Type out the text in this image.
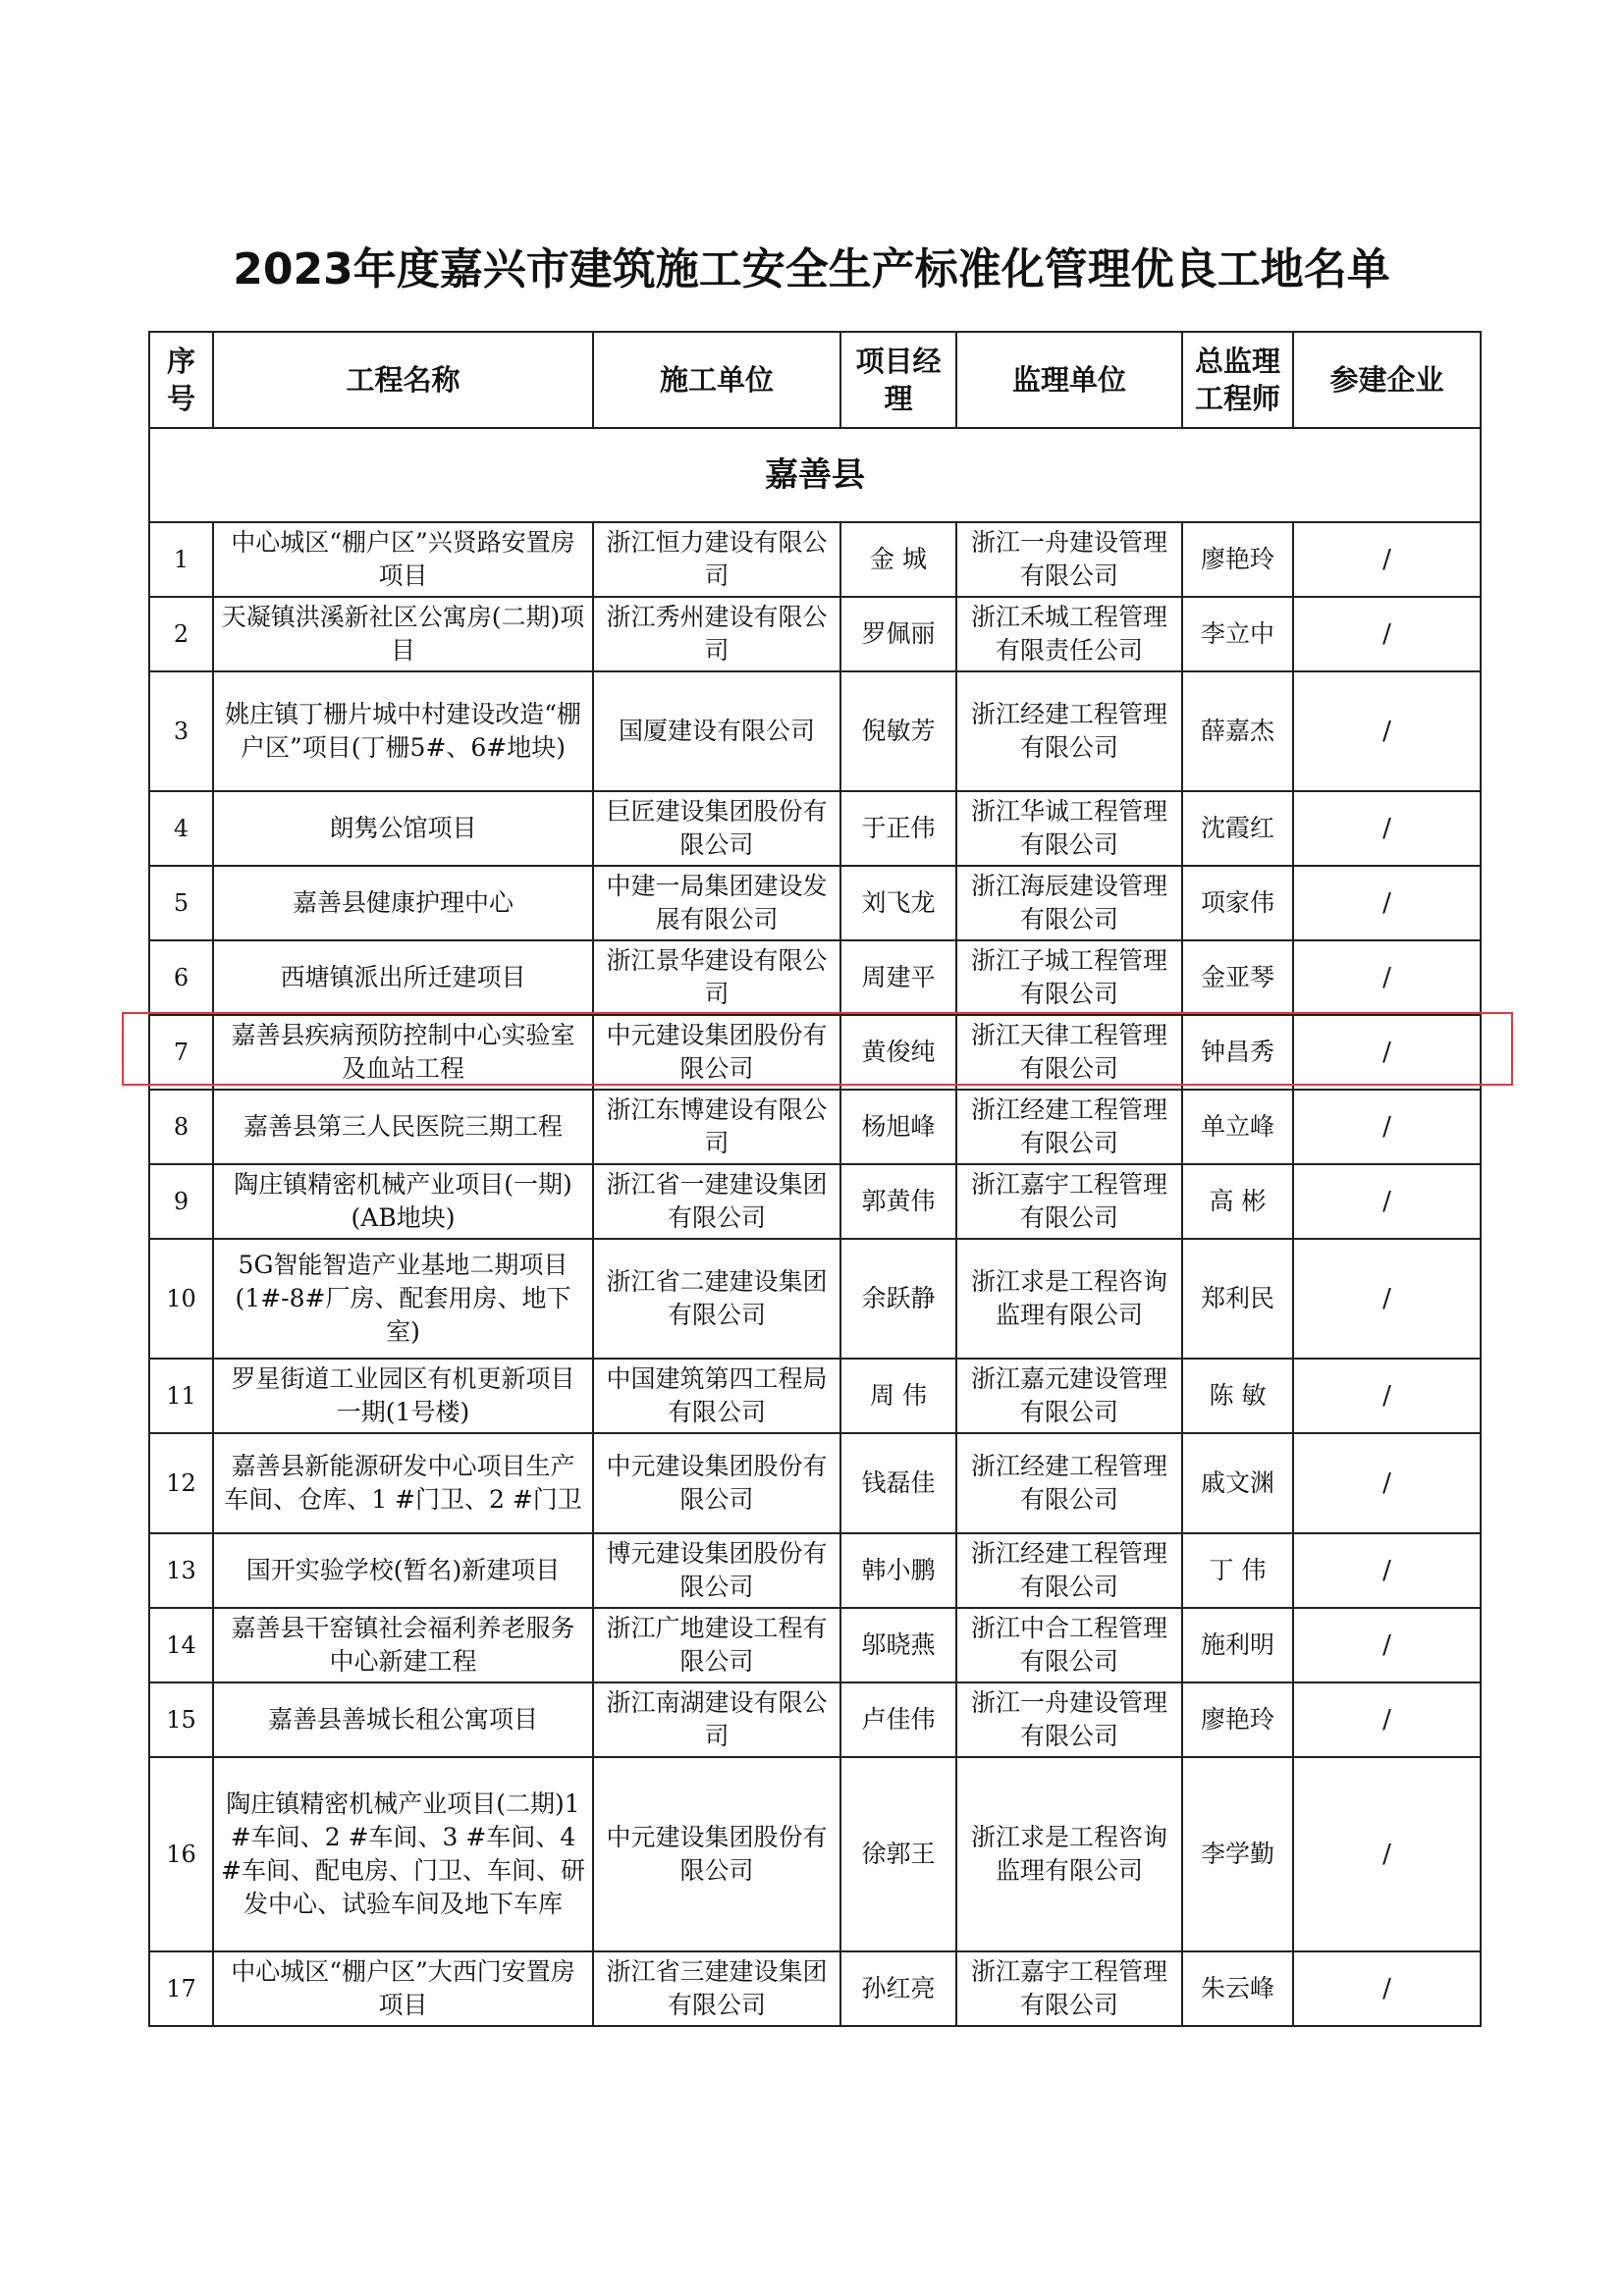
2023年度嘉兴市建筑施工安全生产标准化管理优良工地名单
序号	工程名称	施工单位	项目经理	监理单位	总监理工程师	参建企业
嘉善县						
1	中心城区“棚户区”兴贤路安置房项目	浙江恒力建设有限公司	金 城	浙江一舟建设管理有限公司	廖艳玲	/
2	天凝镇洪溪新社区公寓房(二期)项目	浙江秀州建设有限公司	罗佩丽	浙江禾城工程管理有限责任公司	李立中	/
3	姚庄镇丁栅片城中村建设改造“棚户区”项目(丁栅5#、6#地块)	国厦建设有限公司	倪敏芳	浙江经建工程管理有限公司	薛嘉杰	/
4	朗隽公馆项目	巨匠建设集团股份有限公司	于正伟	浙江华诚工程管理有限公司	沈霞红	/
5	嘉善县健康护理中心	中建一局集团建设发展有限公司	刘飞龙	浙江海辰建设管理有限公司	项家伟	/
6	西塘镇派出所迁建项目	浙江景华建设有限公司	周建平	浙江子城工程管理有限公司	金亚琴	/
7	嘉善县疾病预防控制中心实验室及血站工程	中元建设集团股份有限公司	黄俊纯	浙江天律工程管理有限公司	钟昌秀	/
8	嘉善县第三人民医院三期工程	浙江东博建设有限公司	杨旭峰	浙江经建工程管理有限公司	单立峰	/
9	陶庄镇精密机械产业项目(一期)(AB地块)	浙江省一建建设集团有限公司	郭黄伟	浙江嘉宇工程管理有限公司	高 彬	/
10	5G智能智造产业基地二期项目(1#-8#厂房、配套用房、地下室)	浙江省二建建设集团有限公司	余跃静	浙江求是工程咨询监理有限公司	郑利民	/
11	罗星街道工业园区有机更新项目一期(1号楼)	中国建筑第四工程局有限公司	周 伟	浙江嘉元建设管理有限公司	陈 敏	/
12	嘉善县新能源研发中心项目生产车间、仓库、1 #门卫、2 #门卫	中元建设集团股份有限公司	钱磊佳	浙江经建工程管理有限公司	戚文渊	/
13	国开实验学校(暂名)新建项目	博元建设集团股份有限公司	韩小鹏	浙江经建工程管理有限公司	丁 伟	/
14	嘉善县干窑镇社会福利养老服务中心新建工程	浙江广地建设工程有限公司	邬晓燕	浙江中合工程管理有限公司	施利明	/
15	嘉善县善城长租公寓项目	浙江南湖建设有限公司	卢佳伟	浙江一舟建设管理有限公司	廖艳玲	/
16	陶庄镇精密机械产业项目(二期)1 #车间、2 #车间、3 #车间、4 #车间、配电房、门卫、车间、研发中心、试验车间及地下车库	中元建设集团股份有限公司	徐郭王	浙江求是工程咨询监理有限公司	李学勤	/
17	中心城区“棚户区”大西门安置房项目	浙江省三建建设集团有限公司	孙红亮	浙江嘉宇工程管理有限公司	朱云峰	/
